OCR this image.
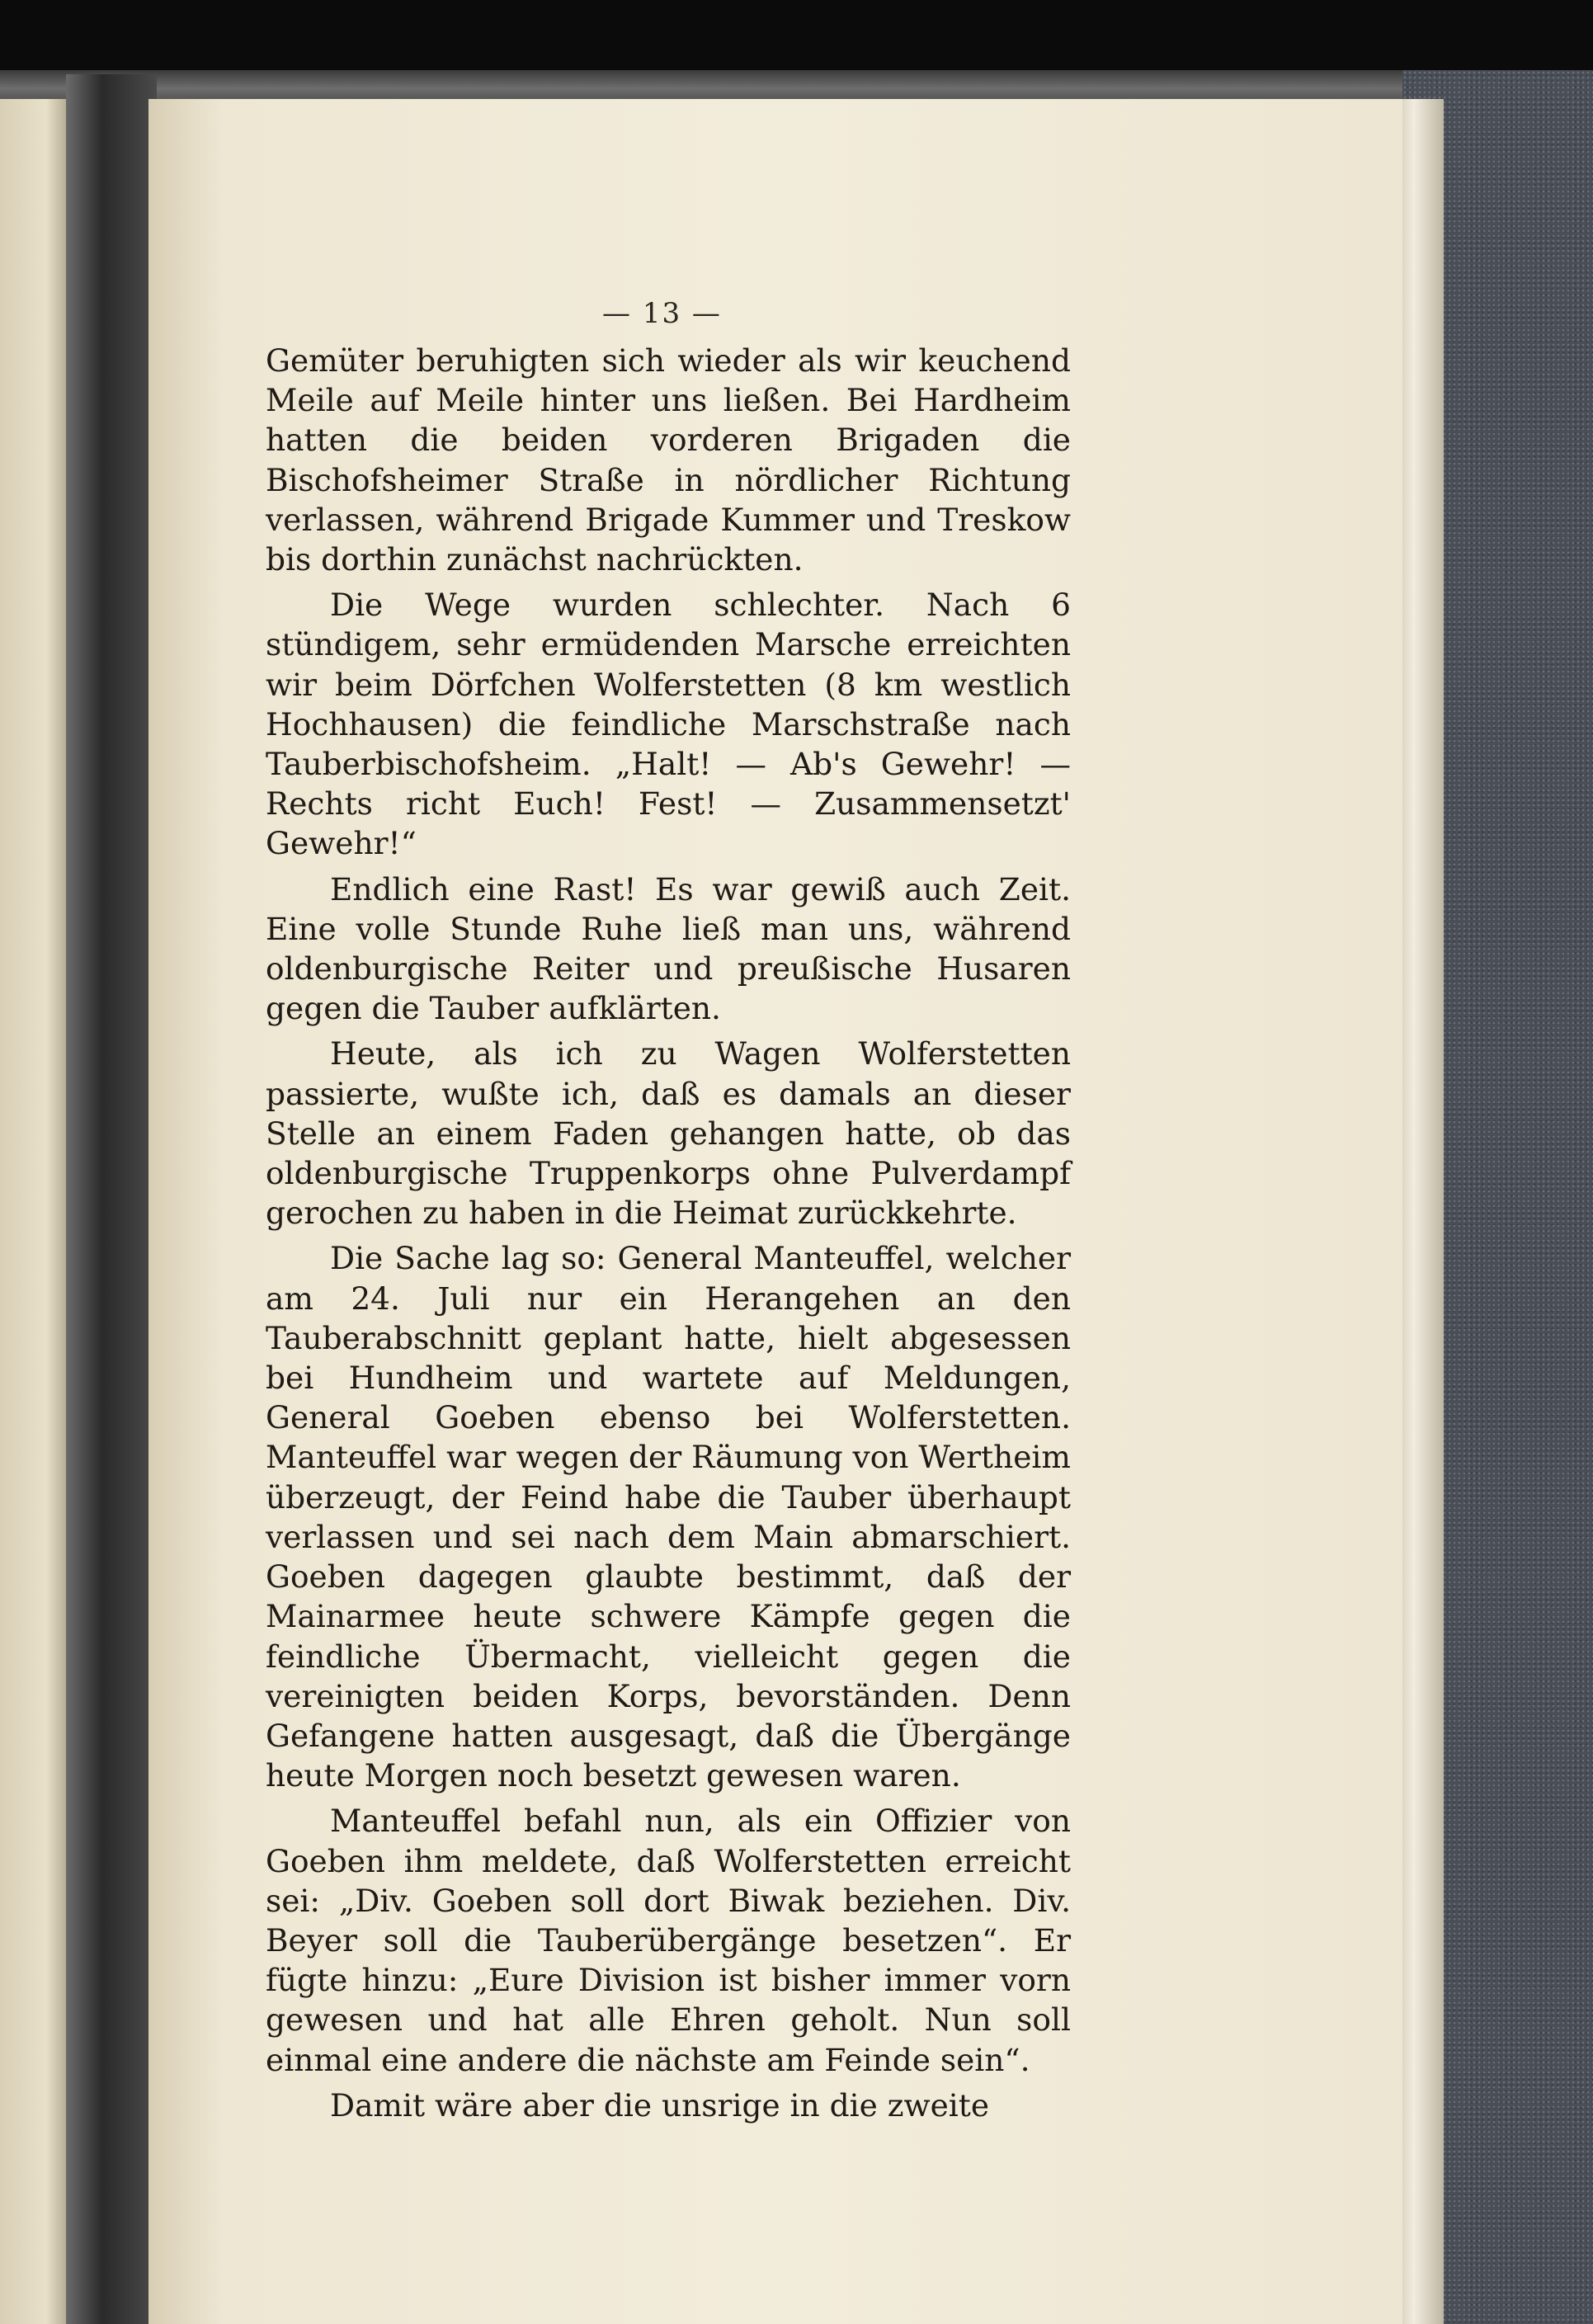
— 13 —

Gemüter beruhigten sich wieder als wir keuchend Meile auf Meile hinter uns ließen. Bei Hardheim hatten die beiden vorderen Brigaden die Bischofsheimer Straße in nördlicher Richtung verlassen, während Brigade Kummer und Treskow bis dorthin zunächst nachrückten.

Die Wege wurden schlechter. Nach 6 stündigem, sehr ermüdenden Marsche erreichten wir beim Dörfchen Wolferstetten (8 km westlich Hochhausen) die feindliche Marschstraße nach Tauberbischofsheim. „Halt! — Ab's Gewehr! — Rechts richt Euch! Fest! — Zusammensetzt' Gewehr!“

Endlich eine Rast! Es war gewiß auch Zeit. Eine volle Stunde Ruhe ließ man uns, während oldenburgische Reiter und preußische Husaren gegen die Tauber aufklärten.

Heute, als ich zu Wagen Wolferstetten passierte, wußte ich, daß es damals an dieser Stelle an einem Faden gehangen hatte, ob das oldenburgische Truppenkorps ohne Pulverdampf gerochen zu haben in die Heimat zurückkehrte.

Die Sache lag so: General Manteuffel, welcher am 24. Juli nur ein Herangehen an den Tauberabschnitt geplant hatte, hielt abgesessen bei Hundheim und wartete auf Meldungen, General Goeben ebenso bei Wolferstetten. Manteuffel war wegen der Räumung von Wertheim überzeugt, der Feind habe die Tauber überhaupt verlassen und sei nach dem Main abmarschiert. Goeben dagegen glaubte bestimmt, daß der Mainarmee heute schwere Kämpfe gegen die feindliche Übermacht, vielleicht gegen die vereinigten beiden Korps, bevorständen. Denn Gefangene hatten ausgesagt, daß die Übergänge heute Morgen noch besetzt gewesen waren.

Manteuffel befahl nun, als ein Offizier von Goeben ihm meldete, daß Wolferstetten erreicht sei: „Div. Goeben soll dort Biwak beziehen. Div. Beyer soll die Tauberübergänge besetzen“. Er fügte hinzu: „Eure Division ist bisher immer vorn gewesen und hat alle Ehren geholt. Nun soll einmal eine andere die nächste am Feinde sein“.

Damit wäre aber die unsrige in die zweite
